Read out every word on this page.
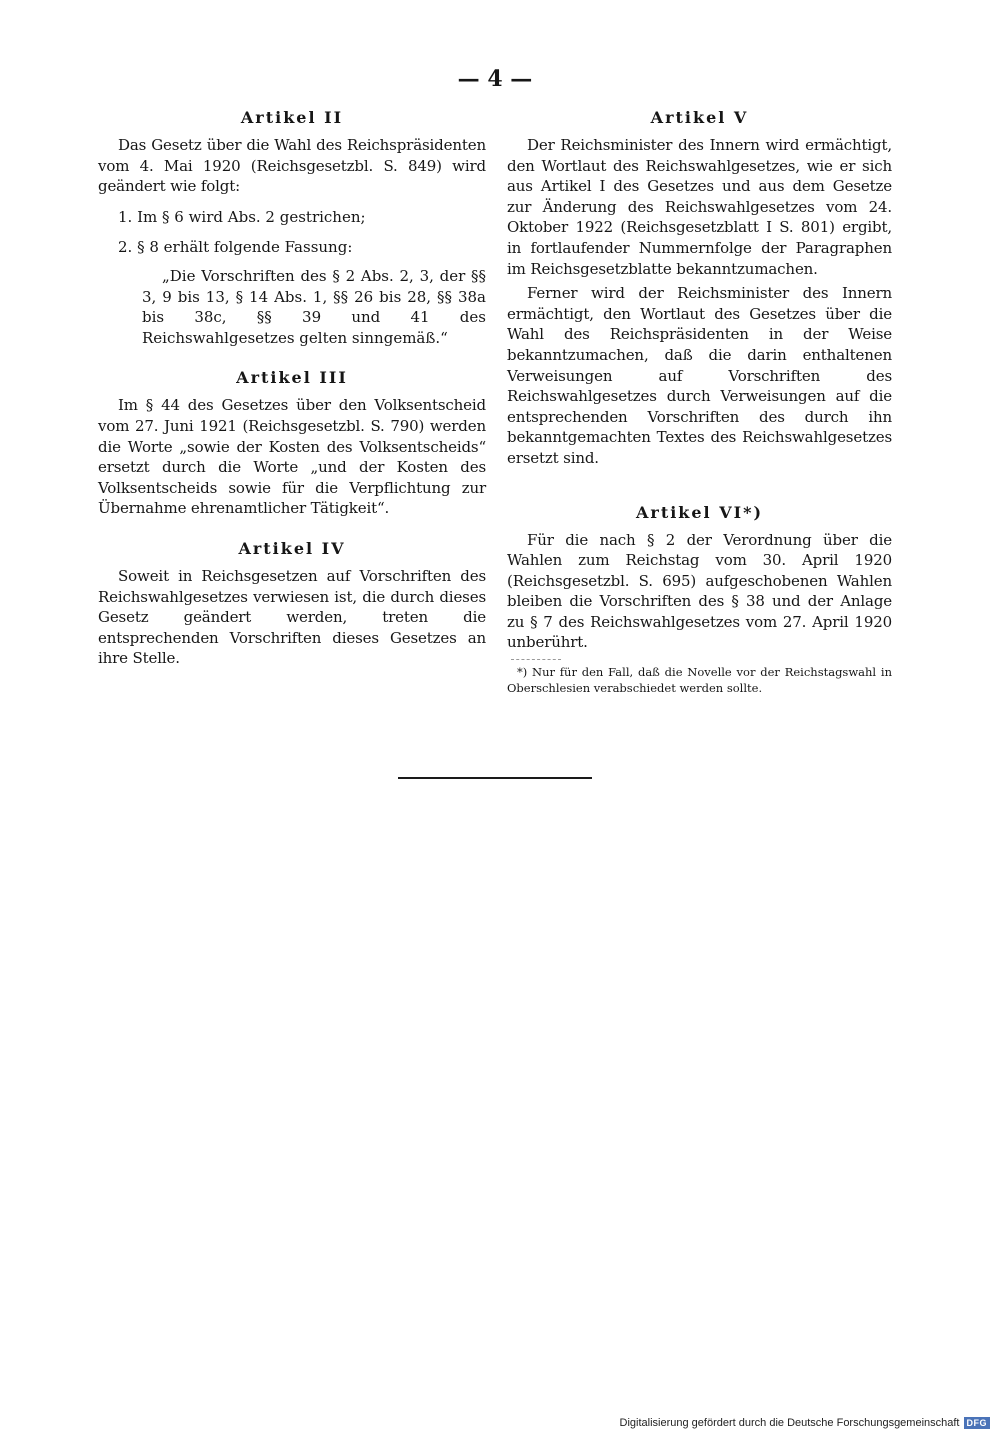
— 4 —
Artikel II

Das Gesetz über die Wahl des Reichspräsidenten vom 4. Mai 1920 (Reichsgesetzbl. S. 849) wird geändert wie folgt:

1. Im § 6 wird Abs. 2 gestrichen;

2. § 8 erhält folgende Fassung:

„Die Vorschriften des § 2 Abs. 2, 3, der §§ 3, 9 bis 13, § 14 Abs. 1, §§ 26 bis 28, §§ 38a bis 38c, §§ 39 und 41 des Reichswahlgesetzes gelten sinngemäß.“

Artikel III

Im § 44 des Gesetzes über den Volksentscheid vom 27. Juni 1921 (Reichsgesetzbl. S. 790) werden die Worte „sowie der Kosten des Volksentscheids“ ersetzt durch die Worte „und der Kosten des Volksentscheids sowie für die Verpflichtung zur Übernahme ehrenamtlicher Tätigkeit“.

Artikel IV

Soweit in Reichsgesetzen auf Vorschriften des Reichswahlgesetzes verwiesen ist, die durch dieses Gesetz geändert werden, treten die entsprechenden Vorschriften dieses Gesetzes an ihre Stelle.

Artikel V

Der Reichsminister des Innern wird ermächtigt, den Wortlaut des Reichswahlgesetzes, wie er sich aus Artikel I des Gesetzes und aus dem Gesetze zur Änderung des Reichswahlgesetzes vom 24. Oktober 1922 (Reichsgesetzblatt I S. 801) ergibt, in fortlaufender Nummernfolge der Paragraphen im Reichsgesetzblatte bekanntzumachen.

Ferner wird der Reichsminister des Innern ermächtigt, den Wortlaut des Gesetzes über die Wahl des Reichspräsidenten in der Weise bekanntzumachen, daß die darin enthaltenen Verweisungen auf Vorschriften des Reichswahlgesetzes durch Verweisungen auf die entsprechenden Vorschriften des durch ihn bekanntgemachten Textes des Reichswahlgesetzes ersetzt sind.

Artikel VI*)

Für die nach § 2 der Verordnung über die Wahlen zum Reichstag vom 30. April 1920 (Reichsgesetzbl. S. 695) aufgeschobenen Wahlen bleiben die Vorschriften des § 38 und der Anlage zu § 7 des Reichswahlgesetzes vom 27. April 1920 unberührt.

*) Nur für den Fall, daß die Novelle vor der Reichstagswahl in Oberschlesien verabschiedet werden sollte.

Digitalisierung gefördert durch die Deutsche Forschungsgemeinschaft DFG
